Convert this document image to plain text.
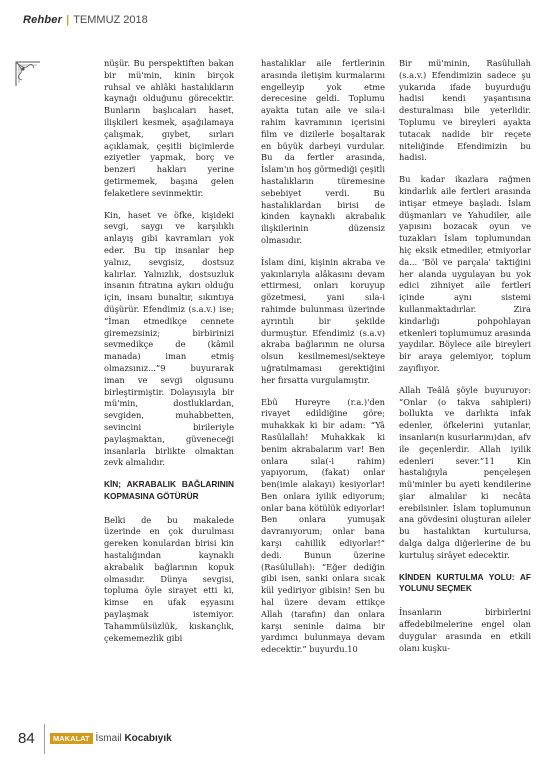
Rehber | TEMMUZ 2018

nüşür. Bu perspektiften bakan bir mü'min, kinin birçok ruhsal ve ahlâki hastalıkların kaynağı olduğunu görecektir. Bunların başlıcaları haset, ilişkileri kesmek, aşağılamaya çalışmak, gıybet, sırları açıklamak, çeşitli biçimlerde eziyetler yapmak, borç ve benzeri hakları yerine getirmemek, başına gelen felaketlere sevinmektir.

Kin, haset ve öfke, kişideki sevgi, saygı ve karşılıklı anlayış gibi kavramları yok eder. Bu tip insanlar hep yalnız, sevgisiz, dostsuz kalırlar. Yalnızlık, dostsuzluk insanın fıtratına aykırı olduğu için, insanı bunaltır, sıkıntıya düşürür. Efendimiz (s.a.v.) ise; “İman etmedikçe cennete giremezsiniz; birbirinizi sevmedikçe de (kâmil manada) iman etmiş olmazsınız...”9 buyurarak iman ve sevgi olgusunu birleştirmiştir. Dolayısıyla bir mü'min, dostluklardan, sevgiden, muhabbetten, sevincini birileriyle paylaşmaktan, güveneceği insanlarla birlikte olmaktan zevk almalıdır.

KİN; AKRABALIK BAĞLARININ KOPMASINA GÖTÜRÜR

Belki de bu makalede üzerinde en çok durulması gereken konulardan birisi kin hastalığından kaynaklı akrabalık bağlarının kopuk olmasıdır. Dünya sevgisi, topluma öyle sirayet etti ki, kimse en ufak eşyasını paylaşmak istemiyor. Tahammülsüzlük, kıskançlık, çekememezlik gibi

hastalıklar aile fertlerinin arasında iletişim kurmalarını engelleyip yok etme derecesine geldi. Toplumu ayakta tutan aile ve sıla-i rahim kavramının içerisini film ve dizilerle boşaltarak en büyük darbeyi vurdular. Bu da fertler arasında, İslam'ın hoş görmediği çeşitli hastalıkların türemesine sebebiyet verdi. Bu hastalıklardan birisi de kinden kaynaklı akrabalık ilişkilerinin düzensiz olmasıdır.

İslam dini, kişinin akraba ve yakınlarıyla alâkasını devam ettirmesi, onları koruyup gözetmesi, yani sıla-i rahimde bulunması üzerinde ayrıntılı bir şekilde durmuştur. Efendimiz (s.a.v) akraba bağlarının ne olursa olsun kesilmemesi/sekteye uğratılmaması gerektiğini her fırsatta vurgulamıştır.

Ebû Hureyre (r.a.)'den rivayet edildiğine göre; muhakkak ki bir adam: “Yâ Rasûlallah! Muhakkak ki benim akrabalarım var! Ben onlara sıla(-i rahim) yapıyorum, (fakat) onlar ben(imle alakayı) kesiyorlar! Ben onlara iyilik ediyorum; onlar bana kötülük ediyorlar! Ben onlara yumuşak davranıyorum; onlar bana karşı cahillik ediyorlar!” dedi. Bunun üzerine (Rasûlullah): “Eğer dediğin gibi isen, sanki onlara sıcak kül yediriyor gibisin! Sen bu hal üzere devam ettikçe Allah (tarafın) dan onlara karşı seninle daima bir yardımcı bulunmaya devam edecektir.” buyurdu.10

Bir mü'minin, Rasûlullah (s.a.v.) Efendimizin sadece şu yukarıda ifade buyurduğu hadisi kendi yaşantısına desturalması bile yeterlidir. Toplumu ve bireyleri ayakta tutacak nadide bir reçete niteliğinde Efendimizin bu hadisi.

Bu kadar ikazlara rağmen kindarlık aile fertleri arasında intişar etmeye başladı. İslam düşmanları ve Yahudiler, aile yapısını bozacak oyun ve tuzakları İslam toplumundan hiç eksik etmediler, etmiyorlar da... 'Böl ve parçala' taktiğini her alanda uygulayan bu yok edici zihniyet aile fertleri içinde aynı sistemi kullanmaktadırlar. Zira kindarlığı pohpohlayan etkenleri toplumumuz arasında yaydılar. Böylece aile bireyleri bir araya gelemiyor, toplum zayıflıyor.

Allah Teâlâ şöyle buyuruyor: “Onlar (o takva sahipleri) bollukta ve darlıkta infak edenler, öfkelerini yutanlar, insanları(n kusurlarını)dan, afv ile geçenlerdir. Allah iyilik edenleri sever.”11 Kin hastalığıyla pençeleşen mü'minler bu ayeti kendilerine şiar almalılar ki necâta erebilsinler. İslam toplumunun ana gövdesini oluşturan aileler bu hastalıktan kurtulursa, dalga dalga diğerlerine de bu kurtuluş sirâyet edecektir.

KİNDEN KURTULMA YOLU: AF YOLUNU SEÇMEK

İnsanların birbirlerini affedebilmelerine engel olan duygular arasında en etkili olanı kuşku-

84	MAKALAT İsmail Kocabıyık
